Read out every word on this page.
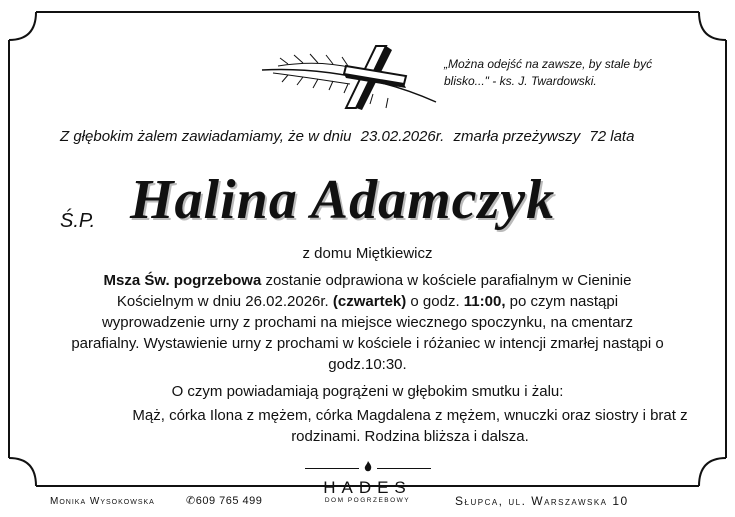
„Można odejść na zawsze, by stale być blisko..." - ks. J. Twardowski.
Z głębokim żalem zawiadamiamy, że w dniu 23.02.2026r. zmarła przeżywszy 72 lata
Ś.P. Halina Adamczyk
z domu Miętkiewicz
Msza Św. pogrzebowa zostanie odprawiona w kościele parafialnym w Cieninie Kościelnym w dniu 26.02.2026r. (czwartek) o godz. 11:00, po czym nastąpi wyprowadzenie urny z prochami na miejsce wiecznego spoczynku, na cmentarz parafialny. Wystawienie urny z prochami w kościele i różaniec w intencji zmarłej nastąpi o godz.10:30.
O czym powiadamiają pogrążeni w głębokim smutku i żalu:
Mąż, córka Ilona z mężem, córka Magdalena z mężem, wnuczki oraz siostry i brat z rodzinami. Rodzina bliższa i dalsza.
Monika Wysokowska	✆609 765 499
HADES
DOM POGRZEBOWY	Słupca, ul. Warszawska 10
